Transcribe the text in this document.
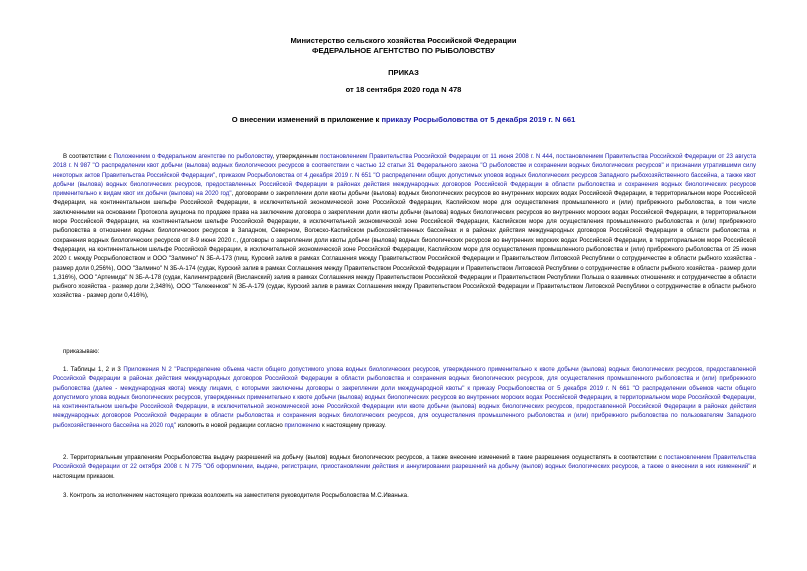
Министерство сельского хозяйства Российской Федерации
ФЕДЕРАЛЬНОЕ АГЕНТСТВО ПО РЫБОЛОВСТВУ
ПРИКАЗ
от 18 сентября 2020 года N 478
О внесении изменений в приложение к приказу Росрыболовства от 5 декабря 2019 г. N 661

В соответствии с Положением о Федеральном агентстве по рыболовству, утвержденным постановлением Правительства Российской Федерации от 11 июня 2008 г. N 444, постановлением Правительства Российской Федерации от 23 августа 2018 г. N 987 "О распределении квот добычи (вылова) водных биологических ресурсов в соответствии с частью 12 статьи 31 Федерального закона "О рыболовстве и сохранении водных биологических ресурсов" и признании утратившими силу некоторых актов Правительства Российской Федерации", приказом Росрыболовства от 4 декабря 2019 г. N 651 "О распределении общих допустимых уловов водных биологических ресурсов Западного рыбохозяйственного бассейна, а также квот добычи (вылова) водных биологических ресурсов, предоставленных Российской Федерации в районах действия международных договоров Российской Федерации в области рыболовства и сохранения водных биологических ресурсов применительно к видам квот их добычи (вылова) на 2020 год", договорами о закреплении доли квоты добычи (вылова) водных биологических ресурсов во внутренних морских водах Российской Федерации, в территориальном море Российской Федерации, на континентальном шельфе Российской Федерации, в исключительной экономической зоне Российской Федерации, Каспийском море для осуществления промышленного и (или) прибрежного рыболовства, в том числе заключенными на основании Протокола аукциона по продаже права на заключение договора о закреплении доли квоты добычи (вылова) водных биологических ресурсов во внутренних морских водах Российской Федерации, в территориальном море Российской Федерации, на континентальном шельфе Российской Федерации, в исключительной экономической зоне Российской Федерации, Каспийском море для осуществления промышленного рыболовства и (или) прибрежного рыболовства в отношении водных биологических ресурсов в Западном, Северном, Волжско-Каспийском рыбохозяйственных бассейнах и в районах действия международных договоров Российской Федерации в области рыболовства и сохранения водных биологических ресурсов от 8-9 июня 2020 г., (договоры о закреплении доли квоты добычи (вылова) водных биологических ресурсов во внутренних морских водах Российской Федерации, в территориальном море Российской Федерации, на континентальном шельфе Российской Федерации, в исключительной экономической зоне Российской Федерации, Каспийском море для осуществления промышленного рыболовства и (или) прибрежного рыболовства от 25 июня 2020 г. между Росрыболовством и ООО "Залмино" N 3Б-А-173 (пищ. Курский залив в рамках Соглашения между Правительством Российской Федерации и Правительством Литовской Республики о сотрудничестве в области рыбного хозяйства - размер доли 0,256%), ООО "Залмино" N 3Б-А-174 (судак, Курский залив в рамках Соглашения между Правительством Российской Федерации и Правительством Литовской Республики о сотрудничестве в области рыбного хозяйства - размер доли 1,316%), ООО "Артемида" N 3Б-А-178 (судак, Калининградский (Висланский) залив в рамках Соглашения между Правительством Российской Федерации и Правительством Республики Польша о взаимных отношениях и сотрудничестве в области рыбного хозяйства - размер доли 2,348%), ООО "Тележенков" N 3Б-А-179 (судак, Курский залив в рамках Соглашения между Правительством Российской Федерации и Правительством Литовской Республики о сотрудничестве в области рыбного хозяйства - размер доли 0,416%),

приказываю:

1. Таблицы 1, 2 и 3 Приложения N 2 "Распределение объема части общего допустимого улова водных биологических ресурсов, утвержденного применительно к квоте добычи (вылова) водных биологических ресурсов, предоставленной Российской Федерации в районах действия международных договоров Российской Федерации в области рыболовства и сохранения водных биологических ресурсов, для осуществления промышленного рыболовства и (или) прибрежного рыболовства (далее - международная квота) между лицами, с которыми заключены договоры о закреплении доли международной квоты" к приказу Росрыболовства от 5 декабря 2019 г. N 661 "О распределении объемов части общего допустимого улова водных биологических ресурсов, утвержденных применительно к квоте добычи (вылова) водных биологических ресурсов во внутренних морских водах Российской Федерации, в территориальном море Российской Федерации, на континентальном шельфе Российской Федерации, в исключительной экономической зоне Российской Федерации или квоте добычи (вылова) водных биологических ресурсов, предоставленной Российской Федерации в районах действия международных договоров Российской Федерации в области рыболовства и сохранения водных биологических ресурсов, для осуществления промышленного рыболовства и (или) прибрежного рыболовства по пользователям Западного рыбохозяйственного бассейна на 2020 год" изложить в новой редакции согласно приложению к настоящему приказу.

2. Территориальным управлениям Росрыболовства выдачу разрешений на добычу (вылов) водных биологических ресурсов, а также внесение изменений в такие разрешения осуществлять в соответствии с постановлением Правительства Российской Федерации от 22 октября 2008 г. N 775 "Об оформлении, выдаче, регистрации, приостановлении действия и аннулировании разрешений на добычу (вылов) водных биологических ресурсов, а также о внесении в них изменений" и настоящим приказом.

3. Контроль за исполнением настоящего приказа возложить на заместителя руководителя Росрыболовства М.С.Иванька.
